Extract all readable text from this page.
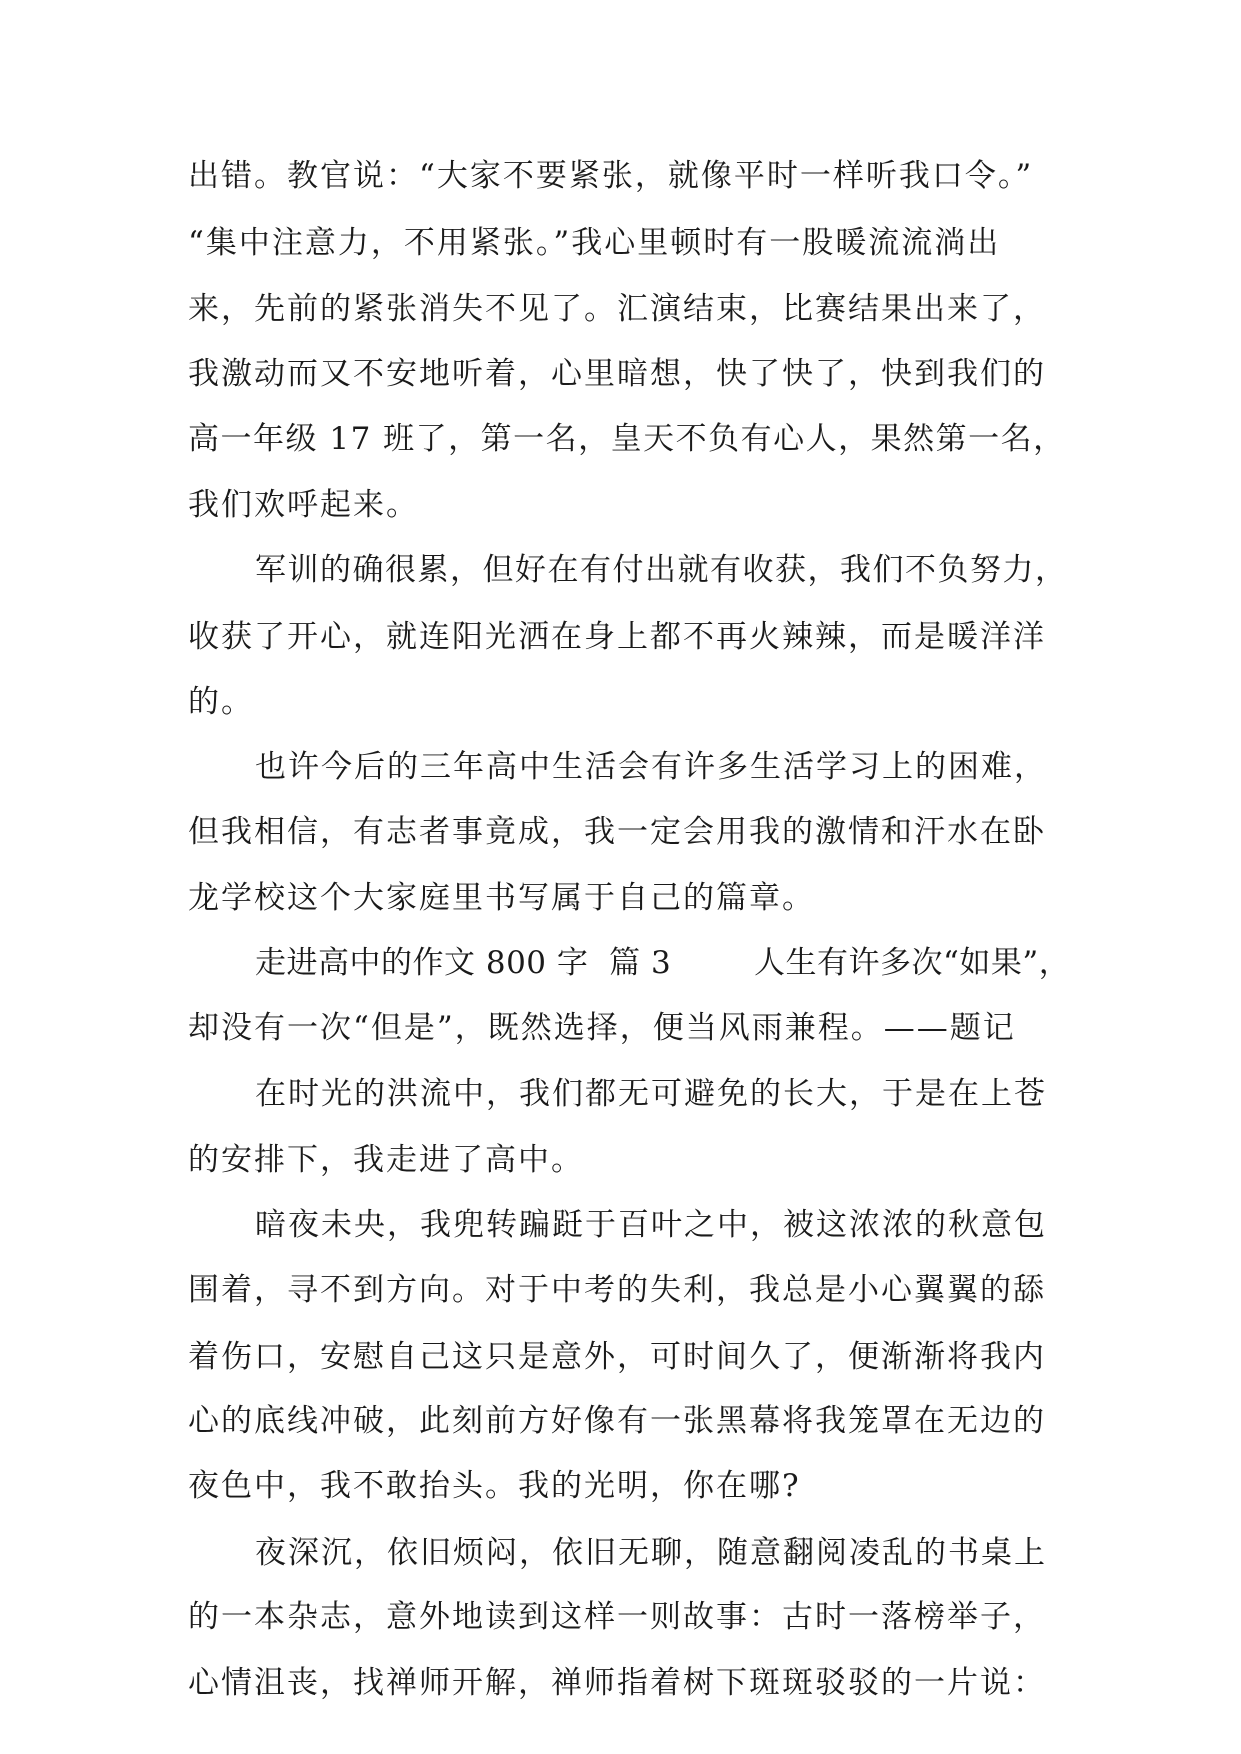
出错。教官说：“大家不要紧张，就像平时一样听我口令。”
“集中注意力，不用紧张。”我心里顿时有一股暖流流淌出
来，先前的紧张消失不见了。汇演结束，比赛结果出来了，
我激动而又不安地听着，心里暗想，快了快了，快到我们的
高一年级 17 班了，第一名，皇天不负有心人，果然第一名，
我们欢呼起来。
军训的确很累，但好在有付出就有收获，我们不负努力，
收获了开心，就连阳光洒在身上都不再火辣辣，而是暖洋洋
的。
也许今后的三年高中生活会有许多生活学习上的困难，
但我相信，有志者事竟成，我一定会用我的激情和汗水在卧
龙学校这个大家庭里书写属于自己的篇章。
走进高中的作文 800 字  篇 3        人生有许多次“如果”，
却没有一次“但是”，既然选择，便当风雨兼程。——题记
在时光的洪流中，我们都无可避免的长大，于是在上苍
的安排下，我走进了高中。
暗夜未央，我兜转蹁跹于百叶之中，被这浓浓的秋意包
围着，寻不到方向。对于中考的失利，我总是小心翼翼的舔
着伤口，安慰自己这只是意外，可时间久了，便渐渐将我内
心的底线冲破，此刻前方好像有一张黑幕将我笼罩在无边的
夜色中，我不敢抬头。我的光明，你在哪?
夜深沉，依旧烦闷，依旧无聊，随意翻阅凌乱的书桌上
的一本杂志，意外地读到这样一则故事：古时一落榜举子，
心情沮丧，找禅师开解，禅师指着树下斑斑驳驳的一片说：
